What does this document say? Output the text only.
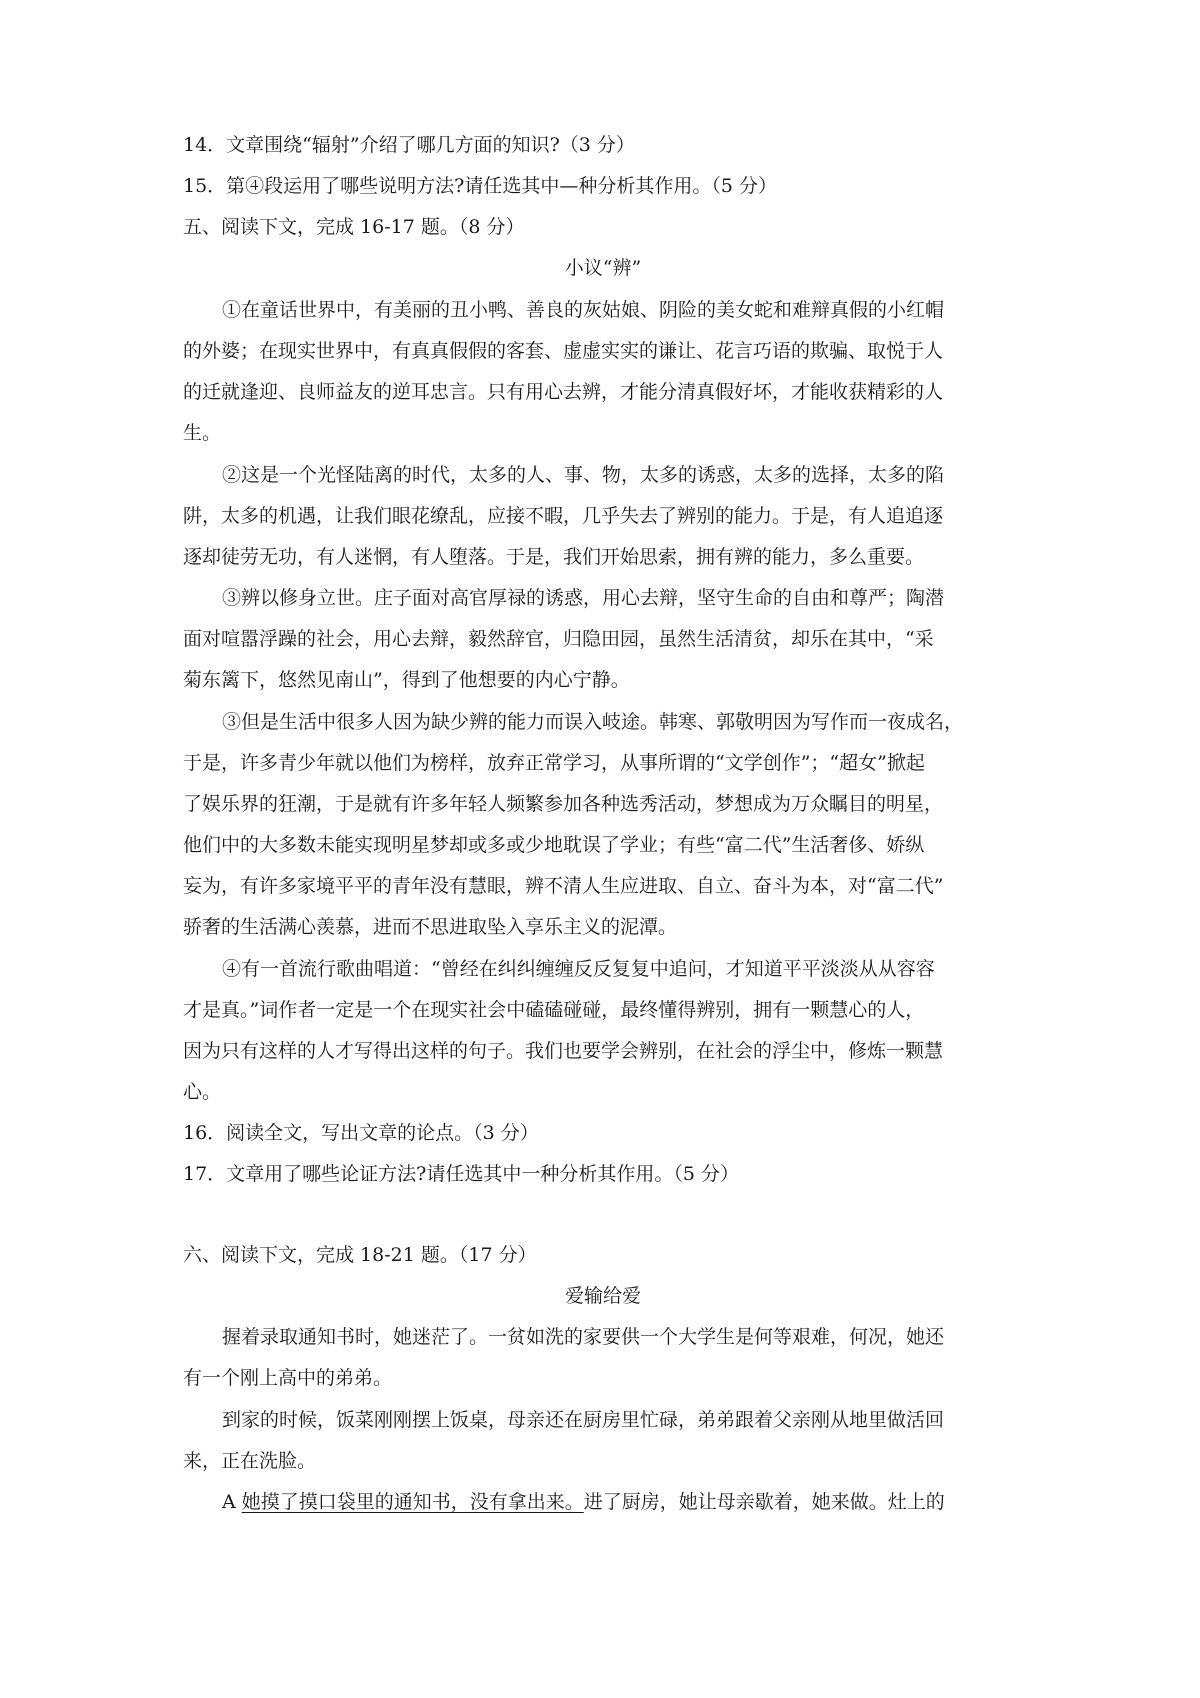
14．文章围绕“辐射”介绍了哪几方面的知识?（3 分）
15．第④段运用了哪些说明方法?请任选其中—种分析其作用。（5 分）
五、阅读下文，完成 16-17 题。（8 分）
小议“辨”
①在童话世界中，有美丽的丑小鸭、善良的灰姑娘、阴险的美女蛇和难辩真假的小红帽
的外婆；在现实世界中，有真真假假的客套、虚虚实实的谦让、花言巧语的欺骗、取悦于人
的迁就逢迎、良师益友的逆耳忠言。只有用心去辨，才能分清真假好坏，才能收获精彩的人
生。
②这是一个光怪陆离的时代，太多的人、事、物，太多的诱惑，太多的选择，太多的陷
阱，太多的机遇，让我们眼花缭乱，应接不暇，几乎失去了辨别的能力。于是，有人追追逐
逐却徒劳无功，有人迷惘，有人堕落。于是，我们开始思索，拥有辨的能力，多么重要。
③辨以修身立世。庄子面对高官厚禄的诱惑，用心去辩，坚守生命的自由和尊严；陶潜
面对喧嚣浮躁的社会，用心去辩，毅然辞官，归隐田园，虽然生活清贫，却乐在其中，“采
菊东篱下，悠然见南山”，得到了他想要的内心宁静。
③但是生活中很多人因为缺少辨的能力而误入岐途。韩寒、郭敬明因为写作而一夜成名，
于是，许多青少年就以他们为榜样，放弃正常学习，从事所谓的“文学创作”；“超女”掀起
了娱乐界的狂潮，于是就有许多年轻人频繁参加各种选秀活动，梦想成为万众瞩目的明星，
他们中的大多数未能实现明星梦却或多或少地耽误了学业；有些“富二代”生活奢侈、娇纵
妄为，有许多家境平平的青年没有慧眼，辨不清人生应进取、自立、奋斗为本，对“富二代”
骄奢的生活满心羡慕，进而不思进取坠入享乐主义的泥潭。
④有一首流行歌曲唱道：“曾经在纠纠缠缠反反复复中追问，才知道平平淡淡从从容容
才是真。”词作者一定是一个在现实社会中磕磕碰碰，最终懂得辨别，拥有一颗慧心的人，
因为只有这样的人才写得出这样的句子。我们也要学会辨别，在社会的浮尘中，修炼一颗慧
心。
16．阅读全文，写出文章的论点。（3 分）
17．文章用了哪些论证方法?请任选其中一种分析其作用。（5 分）
六、阅读下文，完成 18-21 题。（17 分）
爱输给爱
握着录取通知书时，她迷茫了。一贫如洗的家要供一个大学生是何等艰难，何况，她还
有一个刚上高中的弟弟。
到家的时候，饭菜刚刚摆上饭桌，母亲还在厨房里忙碌，弟弟跟着父亲刚从地里做活回
来，正在洗脸。
A 她摸了摸口袋里的通知书，没有拿出来。进了厨房，她让母亲歇着，她来做。灶上的
